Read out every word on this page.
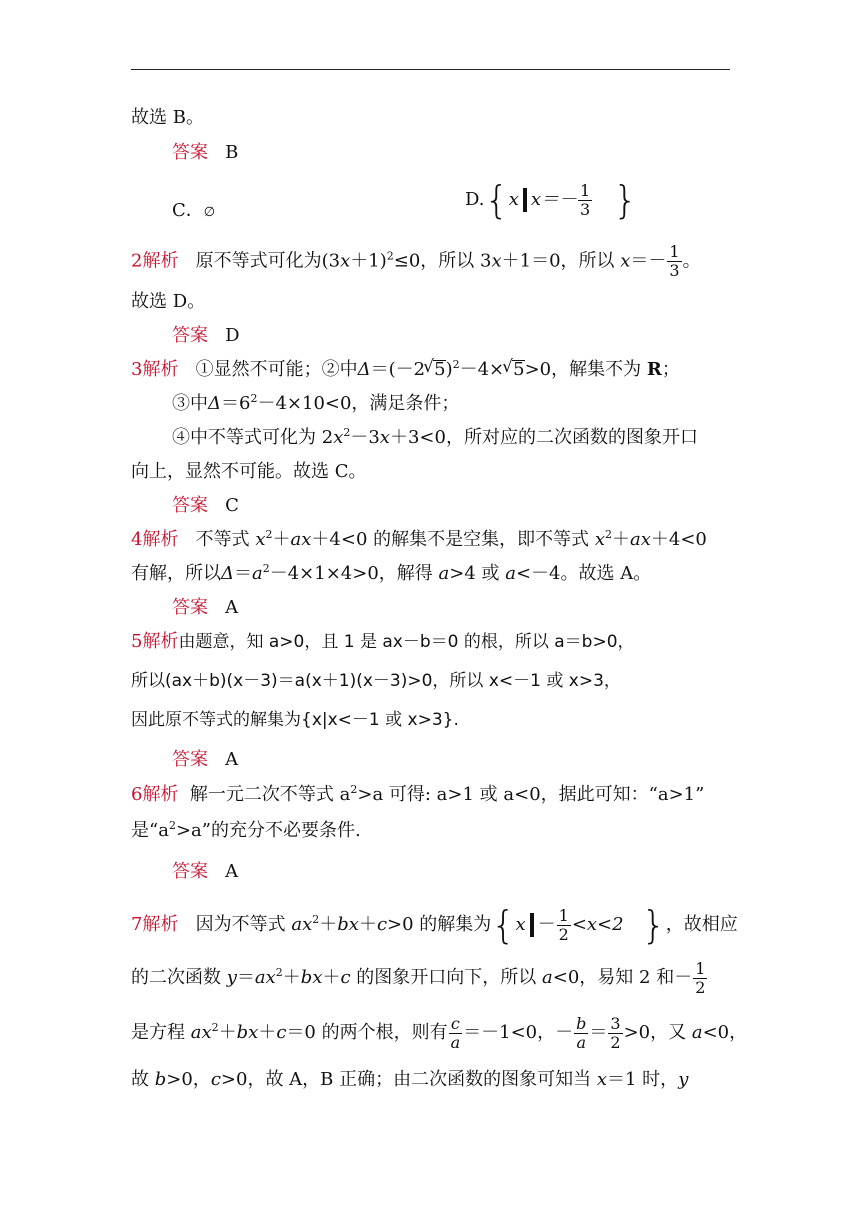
故选 B。
答案 B
C．∅
D.{x $x=- \frac{1}{3}$ }
2解析 原不等式可化为$(3x+1)^2\le 0$，所以 3x＋1＝0，所以 $x=- \frac{1}{3}$ 。
故选 D。
答案 D
3解析 ①显然不可能；②中Δ＝(－2 √ 5)$^2$－4× √ 5>0，解集不为 R；
③中$\Delta=6^2-4\times 10<0$，满足条件；
④中不等式可化为 $2x^2-3x+3<0$，所对应的二次函数的图象开口
向上，显然不可能。故选 C。
答案 C
4解析 不等式 $x^2+ax+4<0$ 的解集不是空集，即不等式 $x^2+ax+4<0$
有解，所以$\Delta=a^2-4\times 1\times 4>0$，解得 a>4 或 a<－4。故选 A。
答案 A
5解析由题意，知 a>0，且 1 是 ax－b＝0 的根，所以 a＝b>0，
所以(ax＋b)(x－3)＝a(x＋1)(x－3)>0，所以 x<－1 或 x>3，
因此原不等式的解集为{x|x<－1 或 x>3}.
答案 A
6解析 解一元二次不等式 $a^2>a$ 可得: a>1 或 a<0，据此可知：“a>1”
是“$a^2>a$”的充分不必要条件.
答案 A
7解析 因为不等式 $ax^2+bx+c>0$ 的解集为{$x - \frac{1}{2} <x<2$ }，故相应
的二次函数 $y=ax^2+bx+c$ 的图象开口向下，所以 a<0，易知 2 和－ $\frac{1}{2}$
是方程 $ax^2+bx+c=0$ 的两个根，则有 $\frac{c}{a} =-1<0$，－ $\frac{b}{a} = \frac{3}{2} >0$，又 a<0，
故 b>0，c>0，故 A，B 正确；由二次函数的图象可知当 x＝1 时，y
